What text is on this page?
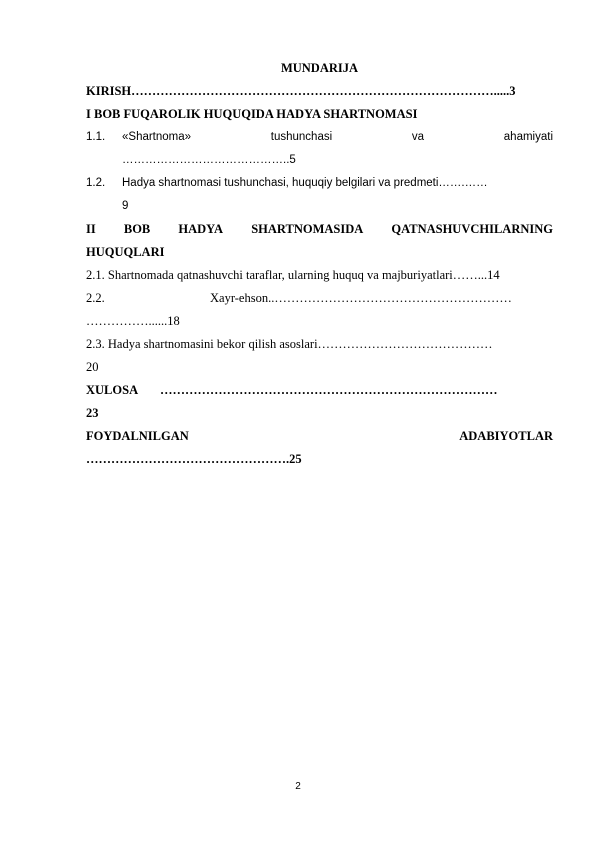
MUNDARIJA
KIRISH…………………………………………………………………………….....3
I BOB FUQAROLIK HUQUQIDA HADYA SHARTNOMASI
1.1.	«Shartnoma»	tushunchasi	va	ahamiyati
……………………………………..5
1.2.	Hadya shartnomasi tushunchasi, huquqiy belgilari va predmeti…….……
9
II BOB HADYA SHARTNOMASIDA QATNASHUVCHILARNING
HUQUQLARI
2.1. Shartnomada qatnashuvchi taraflar, ularning huquq va majburiyatlari……...14
2.2.	Xayr-ehson..…………………………………………………
……………......18
2.3. Hadya shartnomasini bekor qilish asoslari……………………………………
20
XULOSA	………………………………………………………………………
23
FOYDALNILGAN	ADABIYOTLAR
………………………………………….25
2
